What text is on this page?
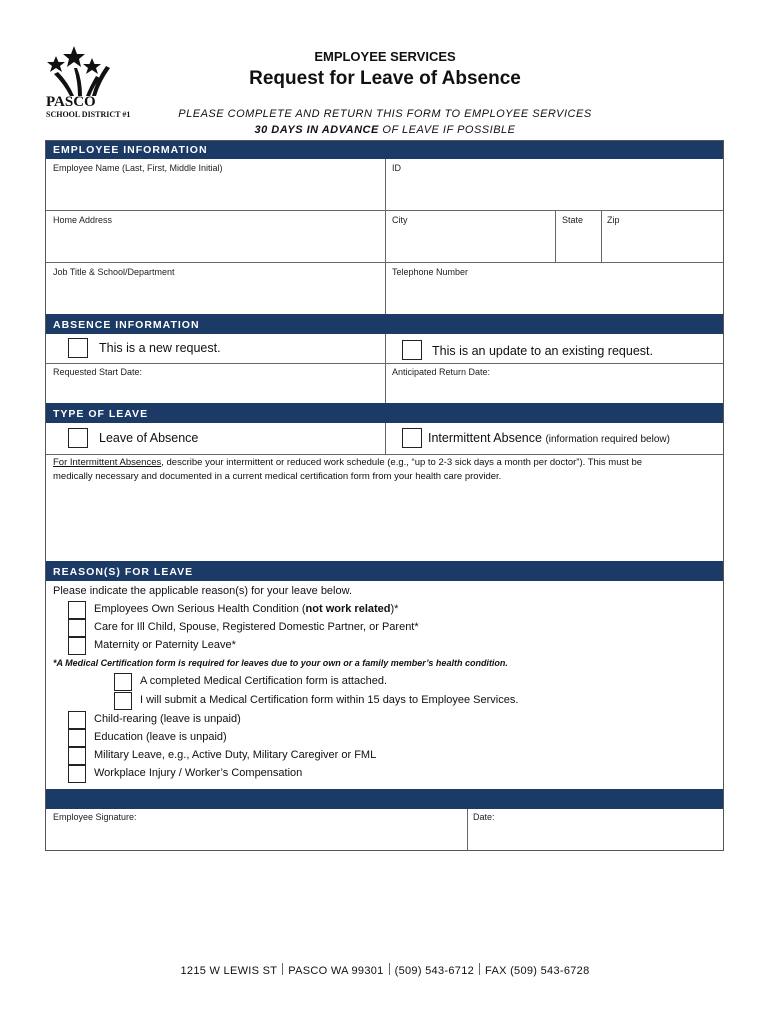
PASCO
SCHOOL DISTRICT #1
EMPLOYEE SERVICES
Request for Leave of Absence
PLEASE COMPLETE AND RETURN THIS FORM TO EMPLOYEE SERVICES
30 DAYS IN ADVANCE OF LEAVE IF POSSIBLE
EMPLOYEE INFORMATION
Employee Name (Last, First, Middle Initial)	ID
Home Address	City	State	Zip
Job Title & School/Department	Telephone Number
ABSENCE INFORMATION
This is a new request.	This is an update to an existing request.
Requested Start Date:	Anticipated Return Date:
TYPE OF LEAVE
Leave of Absence	Intermittent Absence (information required below)
For Intermittent Absences, describe your intermittent or reduced work schedule (e.g., “up to 2-3 sick days a month per doctor”). This must be
medically necessary and documented in a current medical certification form from your health care provider.
REASON(S) FOR LEAVE
Please indicate the applicable reason(s) for your leave below.
Employees Own Serious Health Condition (not work related)*
Care for Ill Child, Spouse, Registered Domestic Partner, or Parent*
Maternity or Paternity Leave*
*A Medical Certification form is required for leaves due to your own or a family member’s health condition.
A completed Medical Certification form is attached.
I will submit a Medical Certification form within 15 days to Employee Services.
Child-rearing (leave is unpaid)
Education (leave is unpaid)
Military Leave, e.g., Active Duty, Military Caregiver or FML
Workplace Injury / Worker’s Compensation
Employee Signature:	Date:
1215 W LEWIS ST PASCO WA 99301 (509) 543-6712 FAX (509) 543-6728
